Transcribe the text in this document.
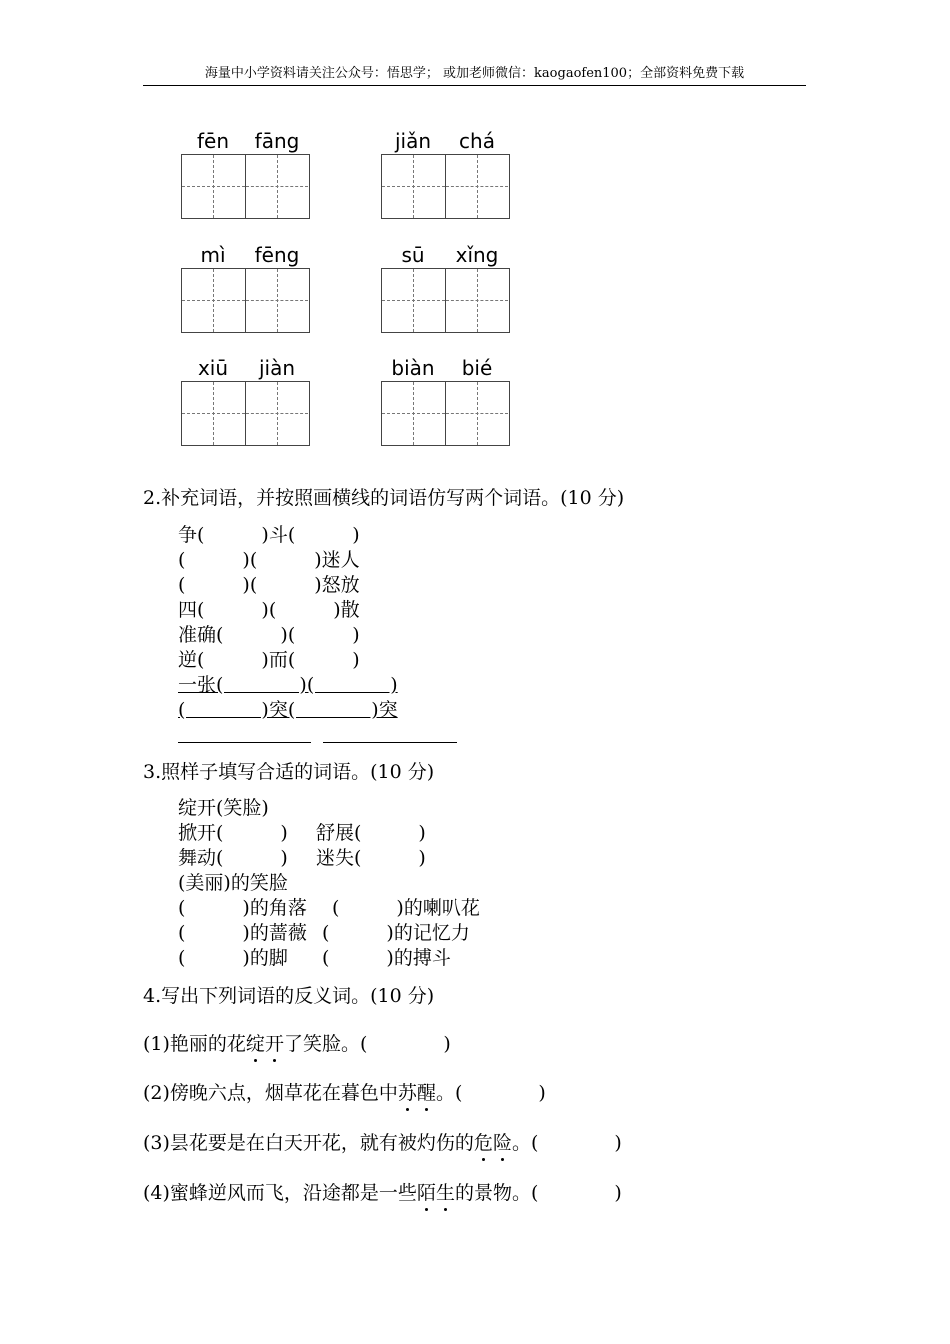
海量中小学资料请关注公众号：悟思学； 或加老师微信：kaogaofen100；全部资料免费下载
fēn	fāng	jiǎn	chá
mì	fēng	sū	xǐng
xiū	jiàn	biàn	bié
2.补充词语，并按照画横线的词语仿写两个词语。(10 分)
争(　　　)斗(　　　)
(　　　)(　　　)迷人
(　　　)(　　　)怒放
四(　　　)(　　　)散
准确(　　　)(　　　)
逆(　　　)而(　　　)
一张(　　　　)(　　　　)
(　　　　)突(　　　　)突
3.照样子填写合适的词语。(10 分)
绽开(笑脸)
掀开(　　　) 舒展(　　　)
舞动(　　　) 迷失(　　　)
(美丽)的笑脸
(　　　)的角落 (　　　)的喇叭花
(　　　)的蔷薇 (　　　)的记忆力
(　　　)的脚 (　　　)的搏斗
4.写出下列词语的反义词。(10 分)
(1)艳丽的花绽开了笑脸。(　　　　)
(2)傍晚六点，烟草花在暮色中苏醒。(　　　　)
(3)昙花要是在白天开花，就有被灼伤的危险。(　　　　)
(4)蜜蜂逆风而飞，沿途都是一些陌生的景物。(　　　　)
